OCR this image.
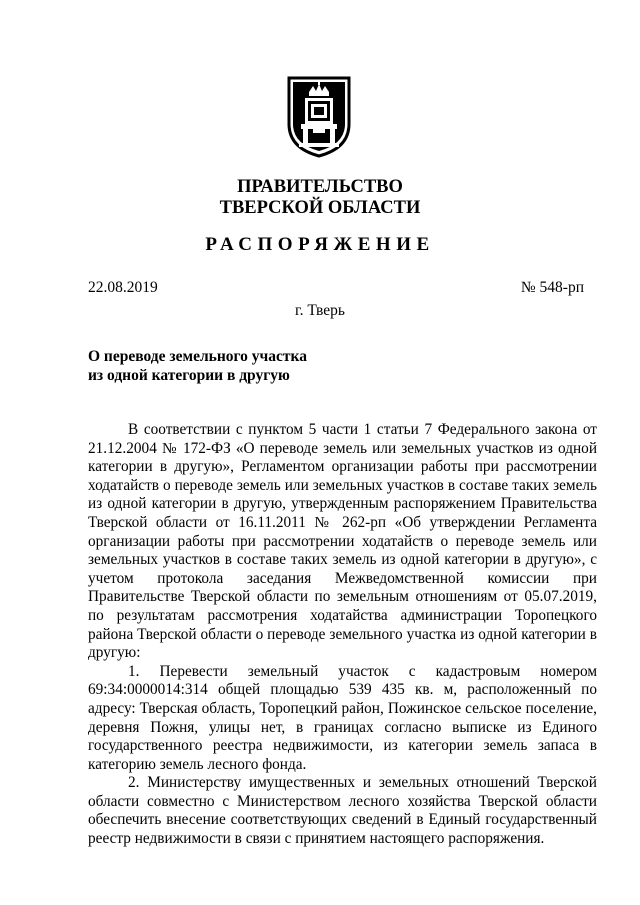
ПРАВИТЕЛЬСТВО
ТВЕРСКОЙ ОБЛАСТИ
РАСПОРЯЖЕНИЕ
22.08.2019	№ 548-рп
г. Тверь
О переводе земельного участка
из одной категории в другую

В соответствии с пунктом 5 части 1 статьи 7 Федерального закона от 21.12.2004 № 172-ФЗ «О переводе земель или земельных участков из одной категории в другую», Регламентом организации работы при рассмотрении ходатайств о переводе земель или земельных участков в составе таких земель из одной категории в другую, утвержденным распоряжением Правительства Тверской области от 16.11.2011 № 262-рп «Об утверждении Регламента организации работы при рассмотрении ходатайств о переводе земель или земельных участков в составе таких земель из одной категории в другую», с учетом протокола заседания Межведомственной комиссии при Правительстве Тверской области по земельным отношениям от 05.07.2019, по результатам рассмотрения ходатайства администрации Торопецкого района Тверской области о переводе земельного участка из одной категории в другую:

1. Перевести земельный участок с кадастровым номером 69:34:0000014:314 общей площадью 539 435 кв. м, расположенный по адресу: Тверская область, Торопецкий район, Пожинское сельское поселение, деревня Пожня, улицы нет, в границах согласно выписке из Единого государственного реестра недвижимости, из категории земель запаса в категорию земель лесного фонда.

2. Министерству имущественных и земельных отношений Тверской области совместно с Министерством лесного хозяйства Тверской области обеспечить внесение соответствующих сведений в Единый государственный реестр недвижимости в связи с принятием настоящего распоряжения.
